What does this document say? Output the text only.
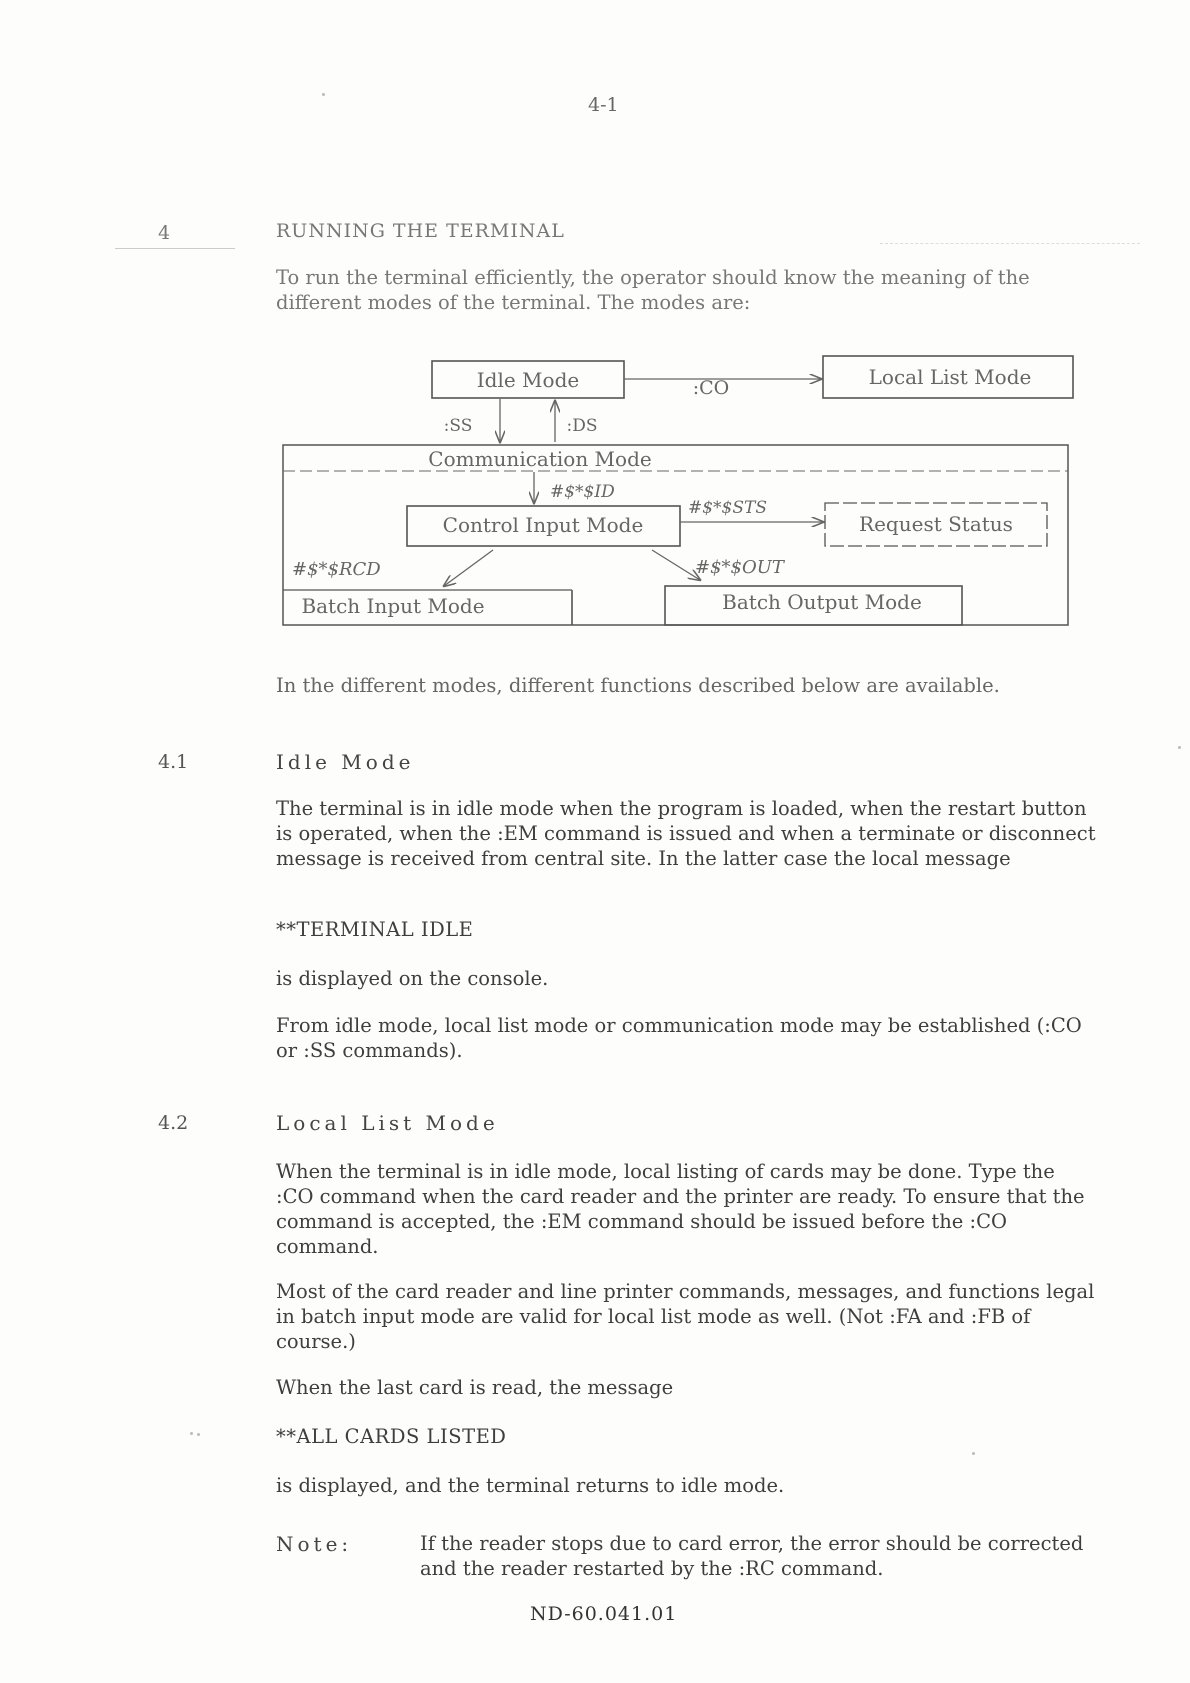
4-1
4	RUNNING THE TERMINAL
To run the terminal efficiently, the operator should know the meaning of the different modes of the terminal. The modes are:
Idle Mode	Local List Mode
:CO
:SS	:DS
Communication Mode
#$*$ID
Control Input Mode
#$*$STS
Request Status
#$*$RCD	#$*$OUT
Batch Input Mode	Batch Output Mode
In the different modes, different functions described below are available.
4.1	Idle Mode
The terminal is in idle mode when the program is loaded, when the restart button is operated, when the :EM command is issued and when a terminate or disconnect message is received from central site. In the latter case the local message
**TERMINAL IDLE
is displayed on the console.
From idle mode, local list mode or communication mode may be established (:CO or :SS commands).
4.2	Local List Mode
When the terminal is in idle mode, local listing of cards may be done. Type the :CO command when the card reader and the printer are ready. To ensure that the command is accepted, the :EM command should be issued before the :CO command.
Most of the card reader and line printer commands, messages, and functions legal in batch input mode are valid for local list mode as well. (Not :FA and :FB of course.)
When the last card is read, the message
**ALL CARDS LISTED
is displayed, and the terminal returns to idle mode.
Note:	If the reader stops due to card error, the error should be corrected and the reader restarted by the :RC command.
ND-60.041.01
